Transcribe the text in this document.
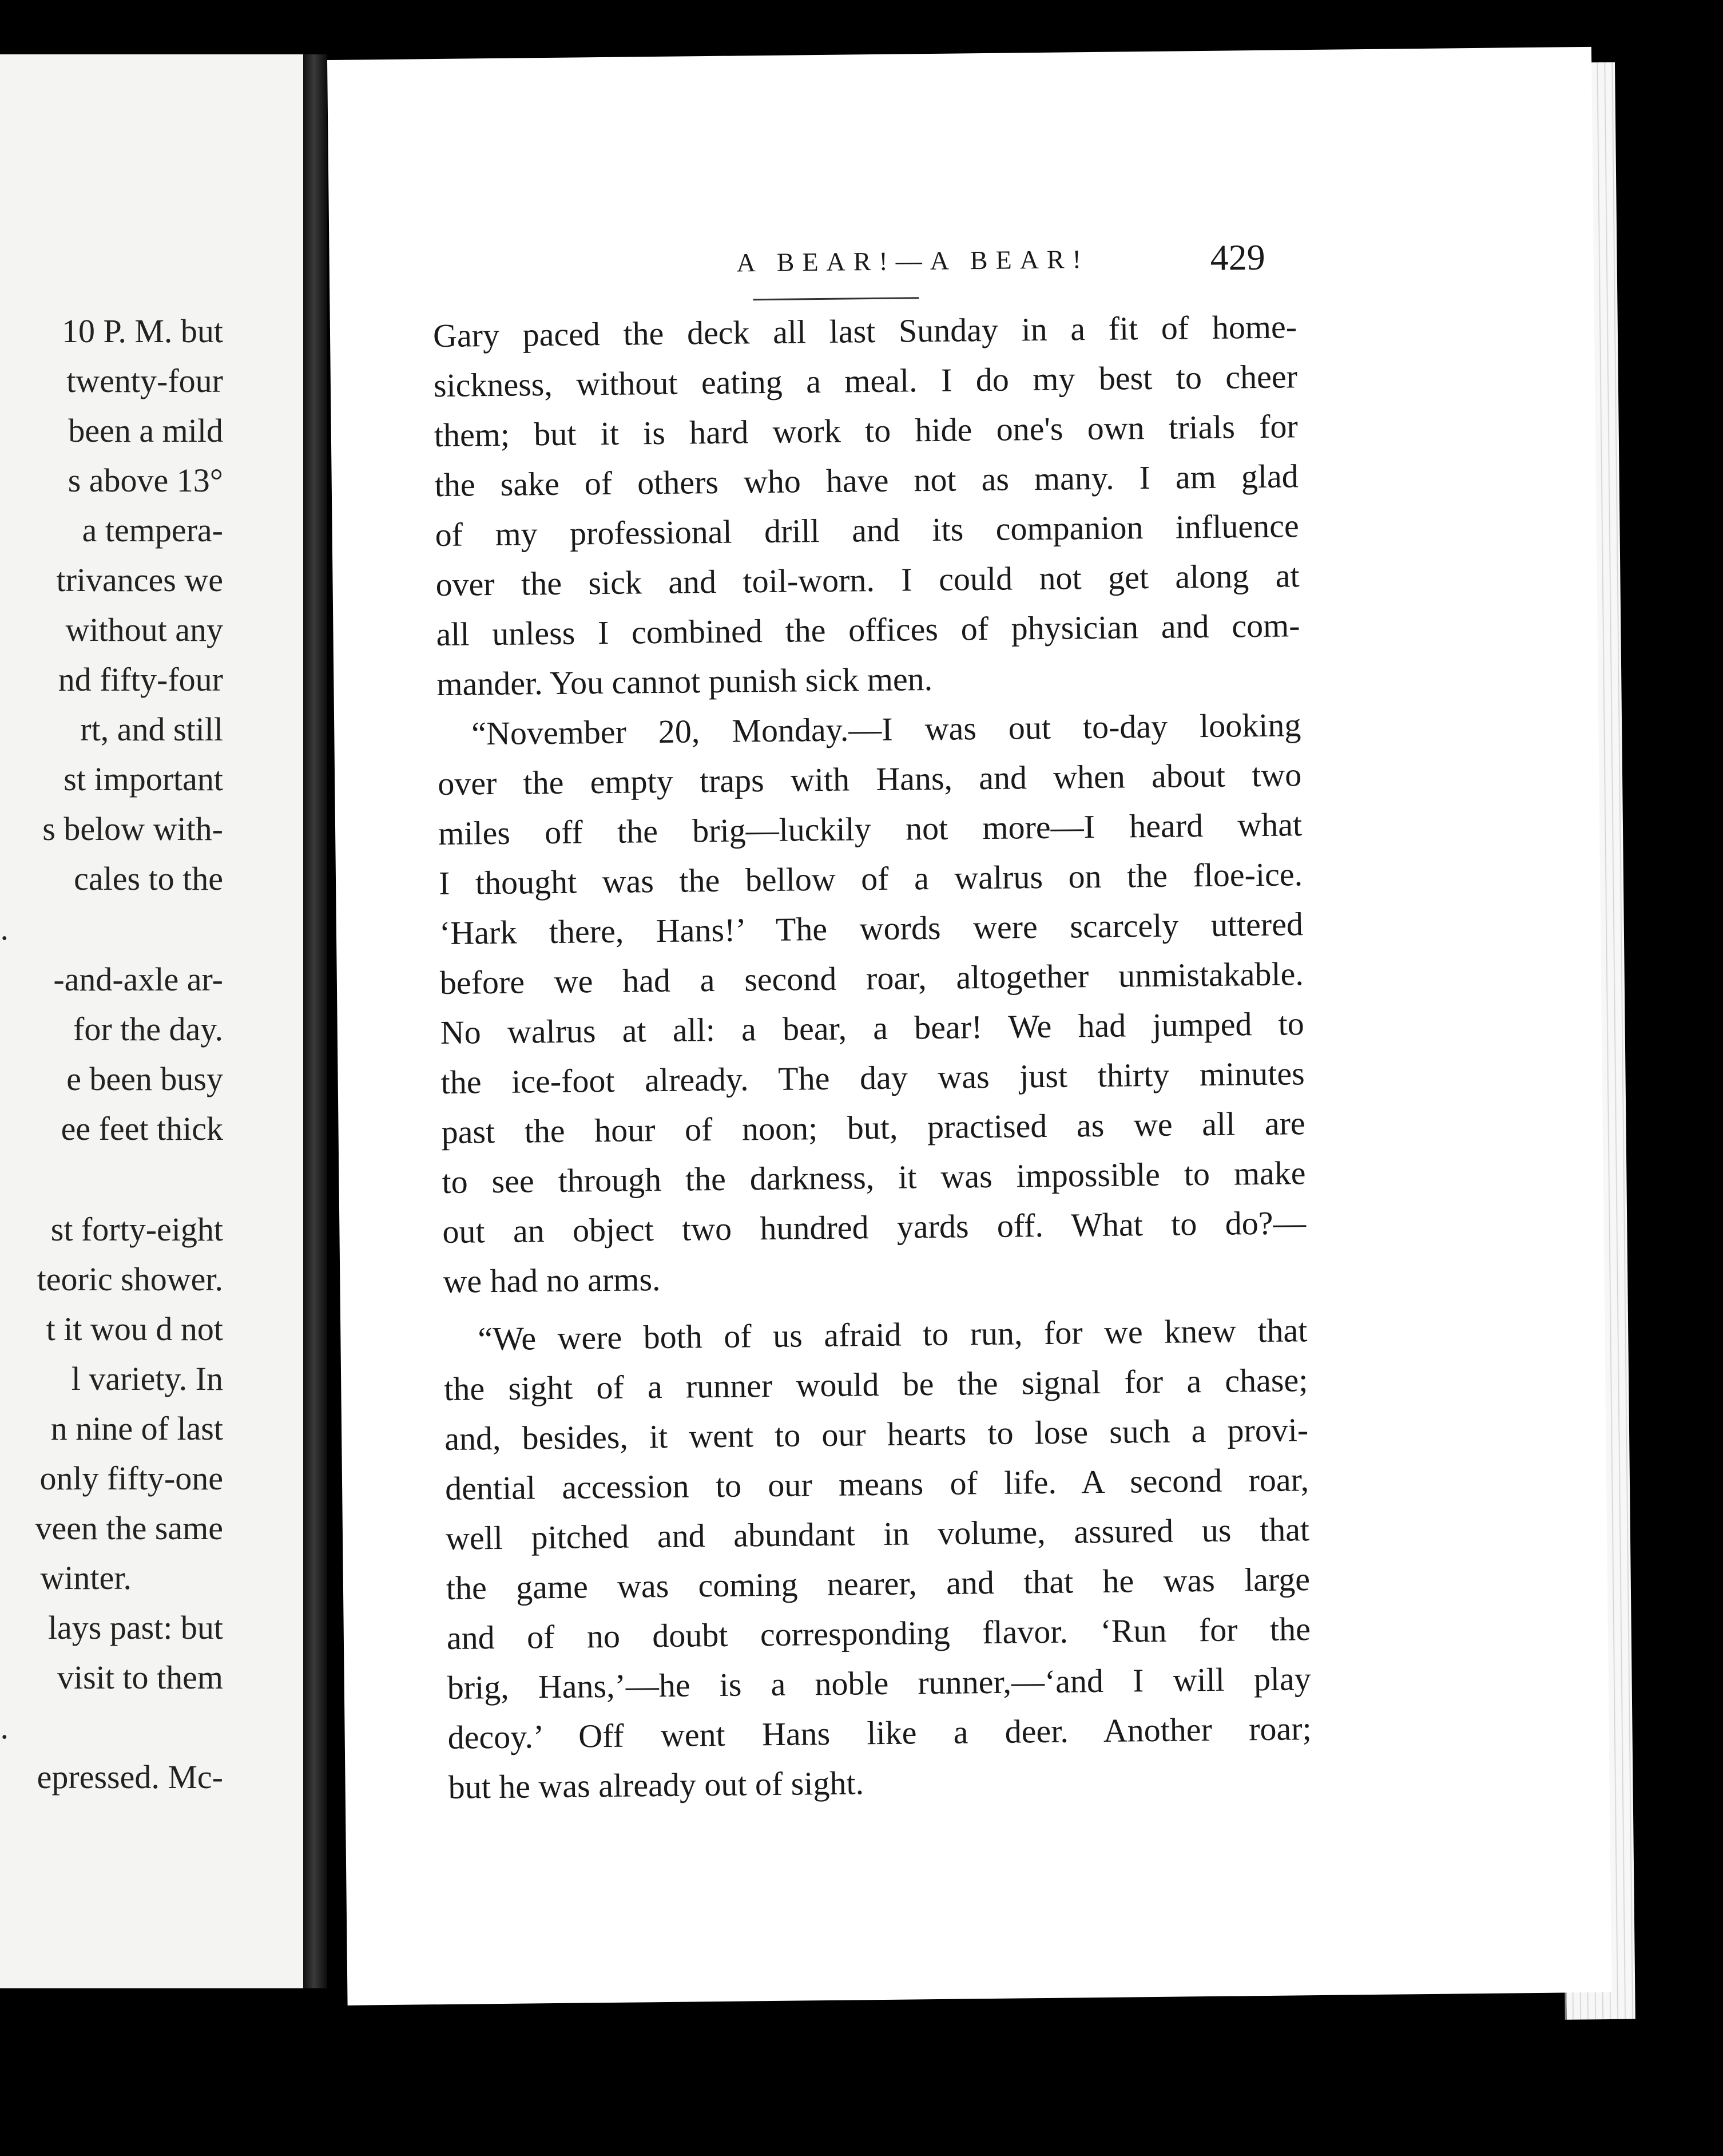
10 P. M. but
twenty-four
been a mild
s above 13°
a tempera-
trivances we
without any
nd fifty-four
rt, and still
st important
s below with-
cales to the
.
-and-axle ar-
for the day.
e been busy
ee feet thick
st forty-eight
teoric shower.
t it wou d not
l variety. In
n nine of last
only fifty-one
veen the same
winter.
lays past: but
visit to them
.
epressed. Mc-
A BEAR!—A BEAR!	429
Gary paced the deck all last Sunday in a fit of home-
sickness, without eating a meal. I do my best to cheer
them; but it is hard work to hide one's own trials for
the sake of others who have not as many. I am glad
of my professional drill and its companion influence
over the sick and toil-worn. I could not get along at
all unless I combined the offices of physician and com-
mander. You cannot punish sick men.
“November 20, Monday.—I was out to-day looking
over the empty traps with Hans, and when about two
miles off the brig—luckily not more—I heard what
I thought was the bellow of a walrus on the floe-ice.
‘Hark there, Hans!’ The words were scarcely uttered
before we had a second roar, altogether unmistakable.
No walrus at all: a bear, a bear! We had jumped to
the ice-foot already. The day was just thirty minutes
past the hour of noon; but, practised as we all are
to see through the darkness, it was impossible to make
out an object two hundred yards off. What to do?—
we had no arms.
“We were both of us afraid to run, for we knew that
the sight of a runner would be the signal for a chase;
and, besides, it went to our hearts to lose such a provi-
dential accession to our means of life. A second roar,
well pitched and abundant in volume, assured us that
the game was coming nearer, and that he was large
and of no doubt corresponding flavor. ‘Run for the
brig, Hans,’—he is a noble runner,—‘and I will play
decoy.’ Off went Hans like a deer. Another roar;
but he was already out of sight.
